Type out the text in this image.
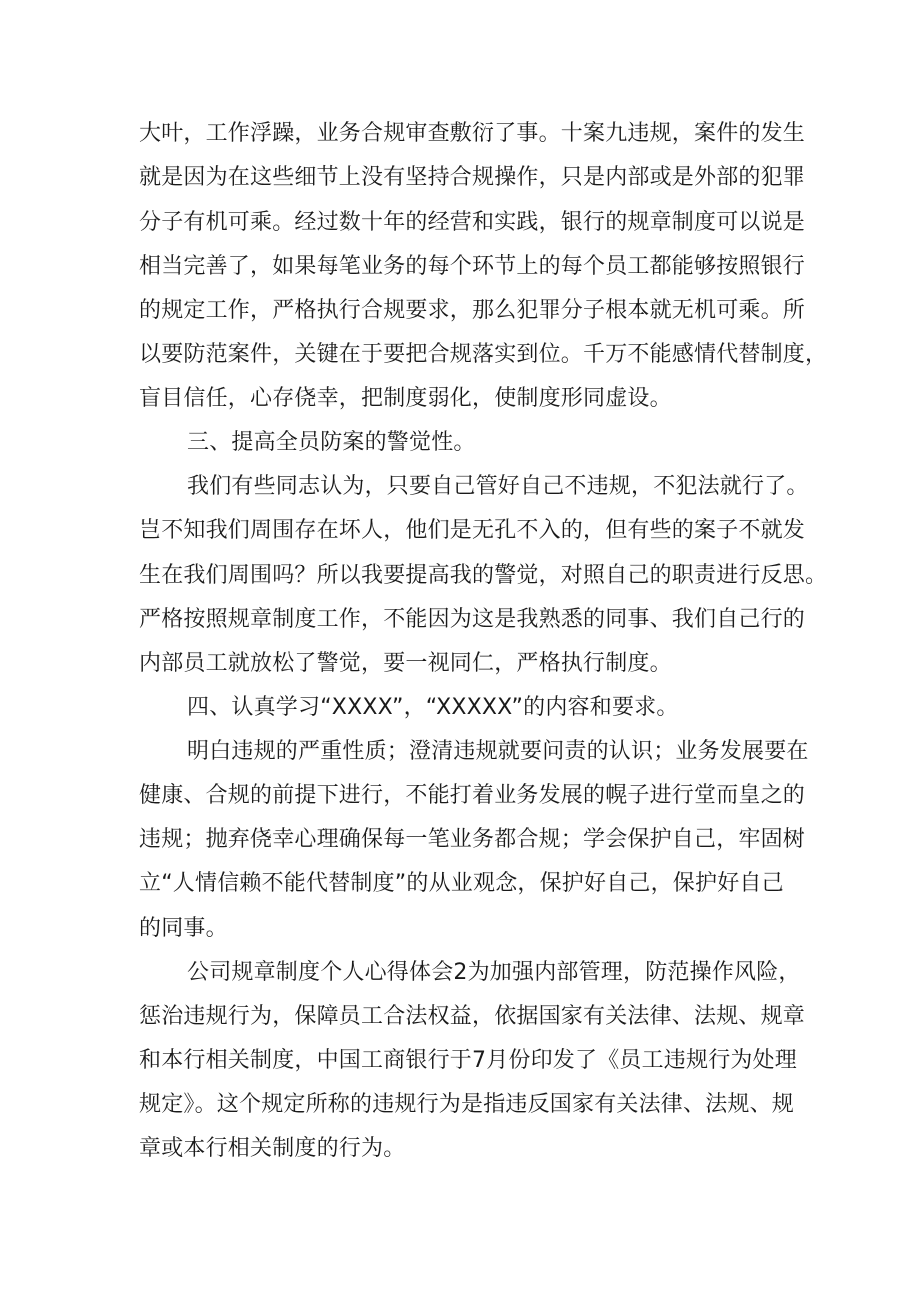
大叶，工作浮躁，业务合规审查敷衍了事。十案九违规，案件的发生
就是因为在这些细节上没有坚持合规操作，只是内部或是外部的犯罪
分子有机可乘。经过数十年的经营和实践，银行的规章制度可以说是
相当完善了，如果每笔业务的每个环节上的每个员工都能够按照银行
的规定工作，严格执行合规要求，那么犯罪分子根本就无机可乘。所
以要防范案件，关键在于要把合规落实到位。千万不能感情代替制度，
盲目信任，心存侥幸，把制度弱化，使制度形同虚设。
三、提高全员防案的警觉性。
我们有些同志认为，只要自己管好自己不违规，不犯法就行了。
岂不知我们周围存在坏人，他们是无孔不入的，但有些的案子不就发
生在我们周围吗？所以我要提高我的警觉，对照自己的职责进行反思。
严格按照规章制度工作，不能因为这是我熟悉的同事、我们自己行的
内部员工就放松了警觉，要一视同仁，严格执行制度。
四、认真学习“XXXX”，“XXXXX”的内容和要求。
明白违规的严重性质；澄清违规就要问责的认识；业务发展要在
健康、合规的前提下进行，不能打着业务发展的幌子进行堂而皇之的
违规；抛弃侥幸心理确保每一笔业务都合规；学会保护自己，牢固树
立“人情信赖不能代替制度”的从业观念，保护好自己，保护好自己
的同事。
公司规章制度个人心得体会2为加强内部管理，防范操作风险，
惩治违规行为，保障员工合法权益，依据国家有关法律、法规、规章
和本行相关制度，中国工商银行于7月份印发了《员工违规行为处理
规定》。这个规定所称的违规行为是指违反国家有关法律、法规、规
章或本行相关制度的行为。
